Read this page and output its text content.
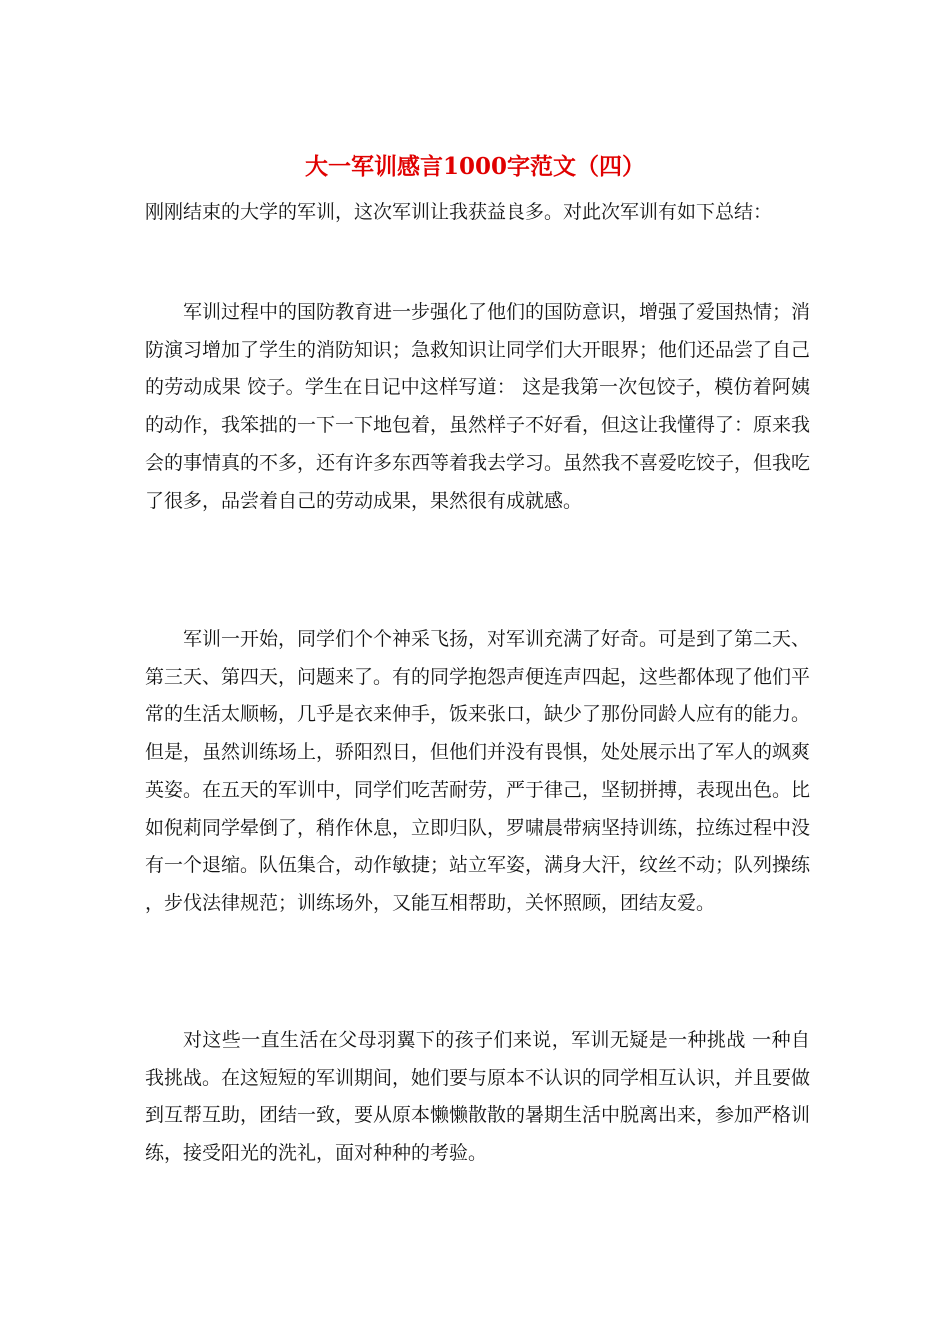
大一军训感言1000字范文（四）

刚刚结束的大学的军训，这次军训让我获益良多。对此次军训有如下总结：

军训过程中的国防教育进一步强化了他们的国防意识，增强了爱国热情；消防演习增加了学生的消防知识；急救知识让同学们大开眼界；他们还品尝了自己的劳动成果 饺子。学生在日记中这样写道： 这是我第一次包饺子，模仿着阿姨的动作，我笨拙的一下一下地包着，虽然样子不好看，但这让我懂得了：原来我会的事情真的不多，还有许多东西等着我去学习。虽然我不喜爱吃饺子，但我吃了很多，品尝着自己的劳动成果，果然很有成就感。

军训一开始，同学们个个神采飞扬，对军训充满了好奇。可是到了第二天、第三天、第四天，问题来了。有的同学抱怨声便连声四起，这些都体现了他们平常的生活太顺畅，几乎是衣来伸手，饭来张口，缺少了那份同龄人应有的能力。但是，虽然训练场上，骄阳烈日，但他们并没有畏惧，处处展示出了军人的飒爽英姿。在五天的军训中，同学们吃苦耐劳，严于律己，坚韧拼搏，表现出色。比如倪莉同学晕倒了，稍作休息，立即归队，罗啸晨带病坚持训练，拉练过程中没有一个退缩。队伍集合，动作敏捷；站立军姿，满身大汗，纹丝不动；队列操练，步伐法律规范；训练场外，又能互相帮助，关怀照顾，团结友爱。

对这些一直生活在父母羽翼下的孩子们来说，军训无疑是一种挑战 一种自我挑战。在这短短的军训期间，她们要与原本不认识的同学相互认识，并且要做到互帮互助，团结一致，要从原本懒懒散散的暑期生活中脱离出来，参加严格训练，接受阳光的洗礼，面对种种的考验。
